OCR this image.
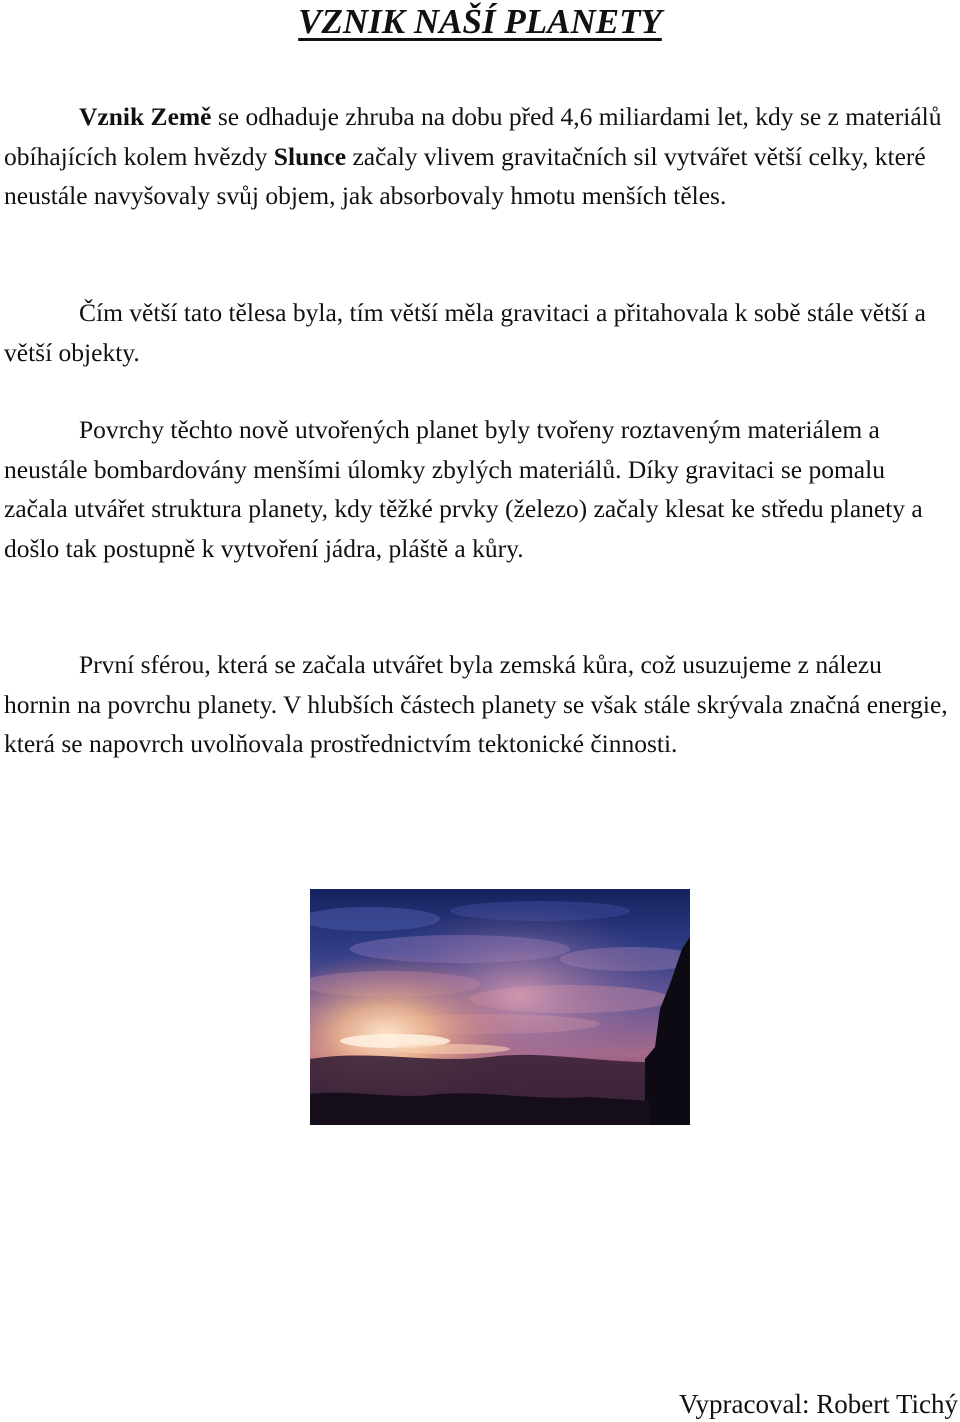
VZNIK NAŠÍ PLANETY

Vznik Země se odhaduje zhruba na dobu před 4,6 miliardami let, kdy se z materiálů obíhajících kolem hvězdy Slunce začaly vlivem gravitačních sil vytvářet větší celky, které neustále navyšovaly svůj objem, jak absorbovaly hmotu menších těles.

Čím větší tato tělesa byla, tím větší měla gravitaci a přitahovala k sobě stále větší a větší objekty.

Povrchy těchto nově utvořených planet byly tvořeny roztaveným materiálem a neustále bombardovány menšími úlomky zbylých materiálů. Díky gravitaci se pomalu začala utvářet struktura planety, kdy těžké prvky (železo) začaly klesat ke středu planety a došlo tak postupně k vytvoření jádra, pláště a kůry.

První sférou, která se začala utvářet byla zemská kůra, což usuzujeme z nálezu hornin na povrchu planety. V hlubších částech planety se však stále skrývala značná energie, která se napovrch uvolňovala prostřednictvím tektonické činnosti.

Vypracoval: Robert Tichý
